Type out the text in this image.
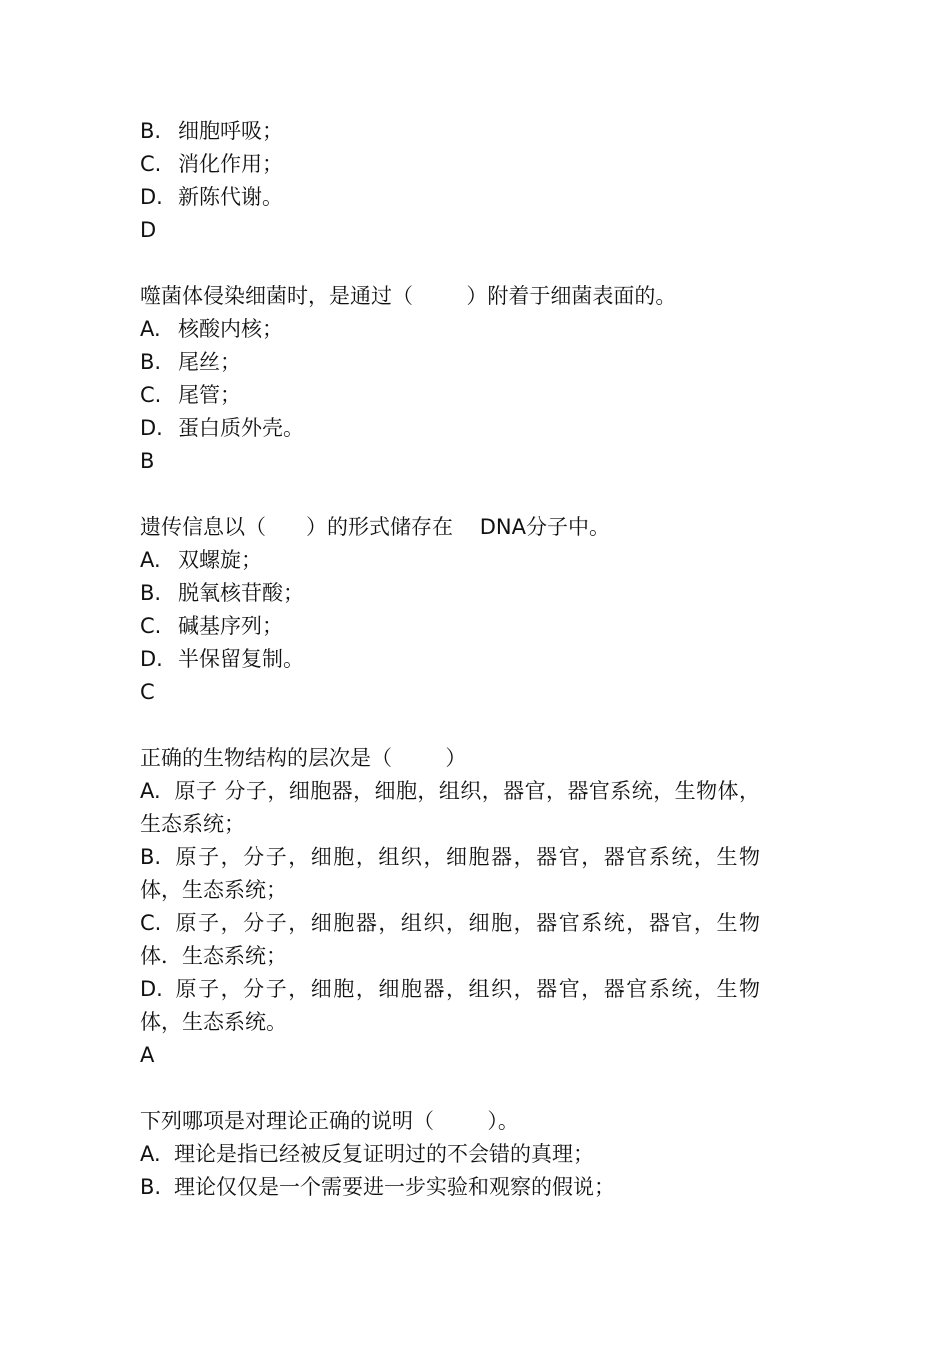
B. 细胞呼吸；
C. 消化作用；
D. 新陈代谢。
D
噬菌体侵染细菌时，是通过（        ）附着于细菌表面的。
A. 核酸内核；
B. 尾丝；
C. 尾管；
D. 蛋白质外壳。
B
遗传信息以（      ）的形式储存在    DNA分子中。
A. 双螺旋；
B. 脱氧核苷酸；
C. 碱基序列；
D. 半保留复制。
C
正确的生物结构的层次是（        ）
A. 原子 分子，细胞器，细胞，组织，器官，器官系统，生物体，生态系统；
B. 原子，分子，细胞，组织，细胞器，器官，器官系统，生物体，生态系统；
C. 原子，分子，细胞器，组织，细胞，器官系统，器官，生物体．生态系统；
D. 原子，分子，细胞，细胞器，组织，器官，器官系统，生物体，生态系统。
A
下列哪项是对理论正确的说明（        ）。
A. 理论是指已经被反复证明过的不会错的真理；
B. 理论仅仅是一个需要进一步实验和观察的假说；
